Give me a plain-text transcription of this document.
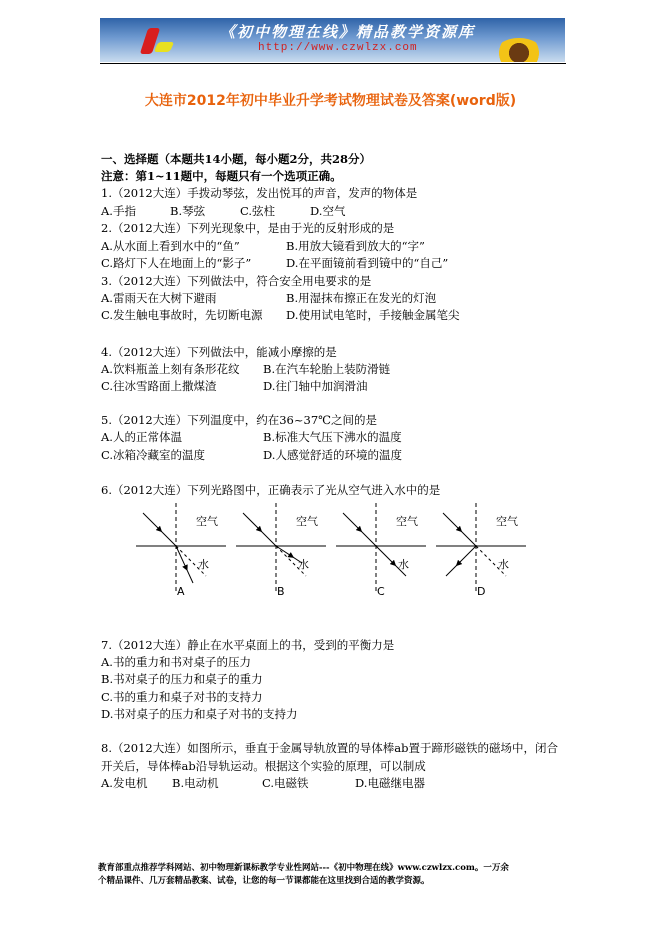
《初中物理在线》精品教学资源库
http://www.czwlzx.com
大连市2012年初中毕业升学考试物理试卷及答案(word版)
一、选择题（本题共14小题，每小题2分，共28分）
注意：第1~11题中，每题只有一个选项正确。
1.（2012大连）手拨动琴弦，发出悦耳的声音，发声的物体是
A.手指	B.琴弦	C.弦柱	D.空气
2.（2012大连）下列光现象中，是由于光的反射形成的是
A.从水面上看到水中的“鱼”	B.用放大镜看到放大的“字”
C.路灯下人在地面上的“影子”	D.在平面镜前看到镜中的“自己”
3.（2012大连）下列做法中，符合安全用电要求的是
A.雷雨天在大树下避雨	B.用湿抹布擦正在发光的灯泡
C.发生触电事故时，先切断电源 D.使用试电笔时，手接触金属笔尖
4.（2012大连）下列做法中，能减小摩擦的是
A.饮料瓶盖上刻有条形花纹 B.在汽车轮胎上装防滑链
C.往冰雪路面上撒煤渣	D.往门轴中加润滑油
5.（2012大连）下列温度中，约在36~37℃之间的是
A.人的正常体温	B.标准大气压下沸水的温度
C.冰箱冷藏室的温度	D.人感觉舒适的环境的温度
6.（2012大连）下列光路图中，正确表示了光从空气进入水中的是
空气
水
A
空气
水
B
空气
水
C
空气
水
D
7.（2012大连）静止在水平桌面上的书，受到的平衡力是
A.书的重力和书对桌子的压力
B.书对桌子的压力和桌子的重力
C.书的重力和桌子对书的支持力
D.书对桌子的压力和桌子对书的支持力
8.（2012大连）如图所示，垂直于金属导轨放置的导体棒ab置于蹄形磁铁的磁场中，闭合
开关后，导体棒ab沿导轨运动。根据这个实验的原理，可以制成
A.发电机 B.电动机	C.电磁铁	D.电磁继电器
教育部重点推荐学科网站、初中物理新课标教学专业性网站---《初中物理在线》www.czwlzx.com。一万余
个精品课件、几万套精品教案、试卷，让您的每一节课都能在这里找到合适的教学资源。
